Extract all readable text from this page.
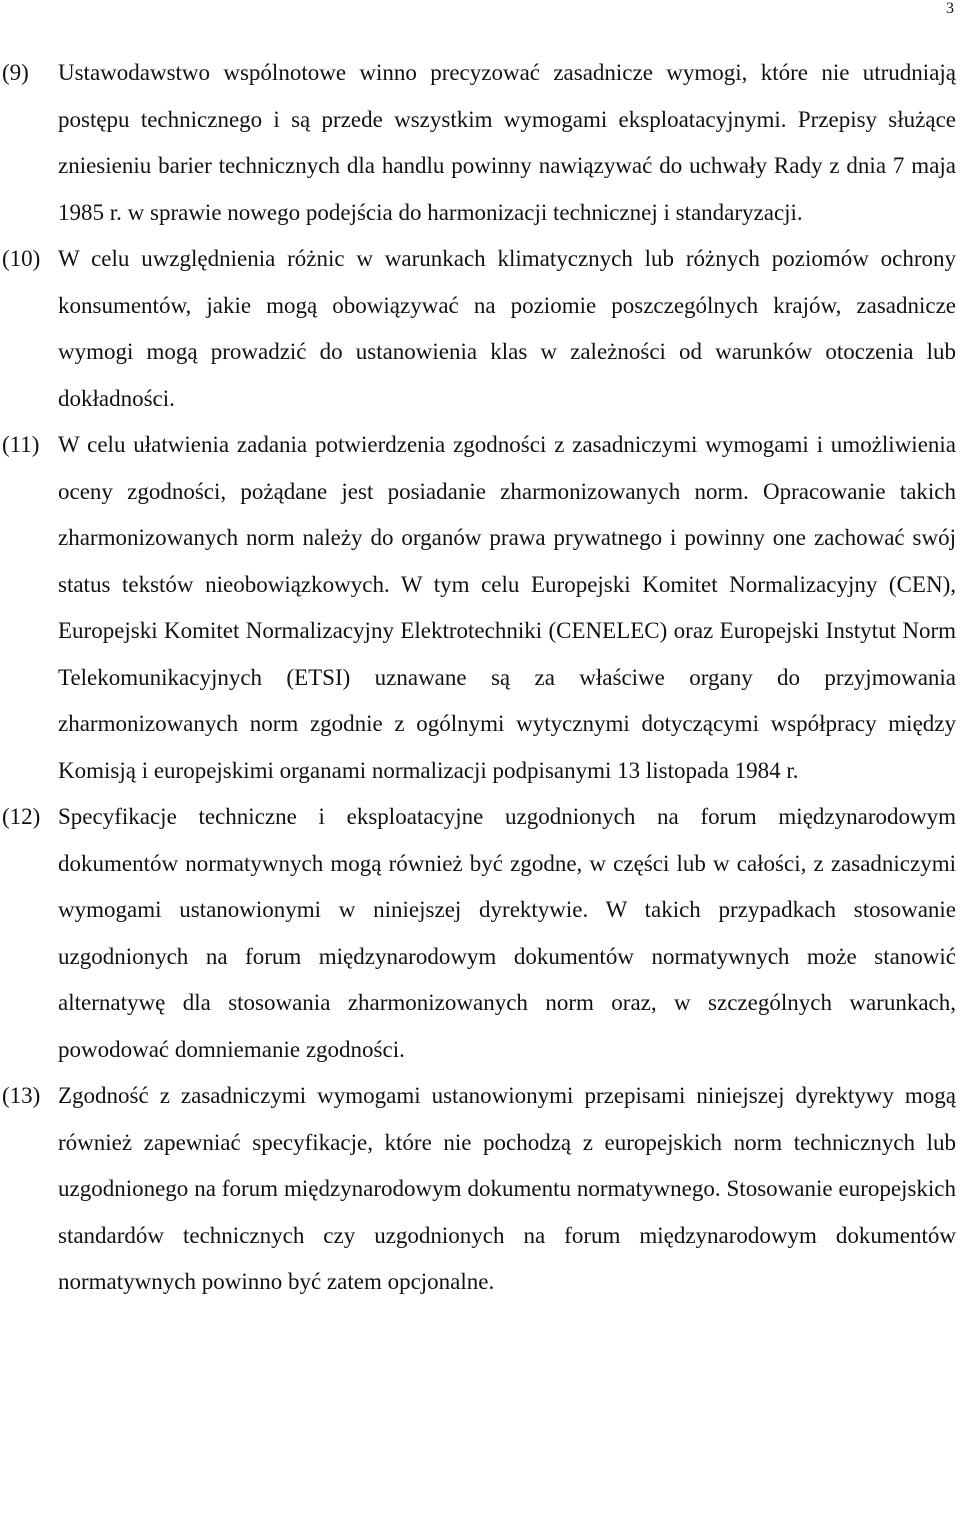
3
(9)	Ustawodawstwo wspólnotowe winno precyzować zasadnicze wymogi, które nie utrudniają postępu technicznego i są przede wszystkim wymogami eksploatacyjnymi. Przepisy służące zniesieniu barier technicznych dla handlu powinny nawiązywać do uchwały Rady z dnia 7 maja 1985 r. w sprawie nowego podejścia do harmonizacji technicznej i standaryzacji.
(10) W celu uwzględnienia różnic w warunkach klimatycznych lub różnych poziomów ochrony konsumentów, jakie mogą obowiązywać na poziomie poszczególnych krajów, zasadnicze wymogi mogą prowadzić do ustanowienia klas w zależności od warunków otoczenia lub dokładności.
(11) W celu ułatwienia zadania potwierdzenia zgodności z zasadniczymi wymogami i umożliwienia oceny zgodności, pożądane jest posiadanie zharmonizowanych norm. Opracowanie takich zharmonizowanych norm należy do organów prawa prywatnego i powinny one zachować swój status tekstów nieobowiązkowych. W tym celu Europejski Komitet Normalizacyjny (CEN), Europejski Komitet Normalizacyjny Elektrotechniki (CENELEC) oraz Europejski Instytut Norm Telekomunikacyjnych (ETSI) uznawane są za właściwe organy do przyjmowania zharmonizowanych norm zgodnie z ogólnymi wytycznymi dotyczącymi współpracy między Komisją i europejskimi organami normalizacji podpisanymi 13 listopada 1984 r.
(12) Specyfikacje techniczne i eksploatacyjne uzgodnionych na forum międzynarodowym dokumentów normatywnych mogą również być zgodne, w części lub w całości, z zasadniczymi wymogami ustanowionymi w niniejszej dyrektywie. W takich przypadkach stosowanie uzgodnionych na forum międzynarodowym dokumentów normatywnych może stanowić alternatywę dla stosowania zharmonizowanych norm oraz, w szczególnych warunkach, powodować domniemanie zgodności.
(13) Zgodność z zasadniczymi wymogami ustanowionymi przepisami niniejszej dyrektywy mogą również zapewniać specyfikacje, które nie pochodzą z europejskich norm technicznych lub uzgodnionego na forum międzynarodowym dokumentu normatywnego. Stosowanie europejskich standardów technicznych czy uzgodnionych na forum międzynarodowym dokumentów normatywnych powinno być zatem opcjonalne.
